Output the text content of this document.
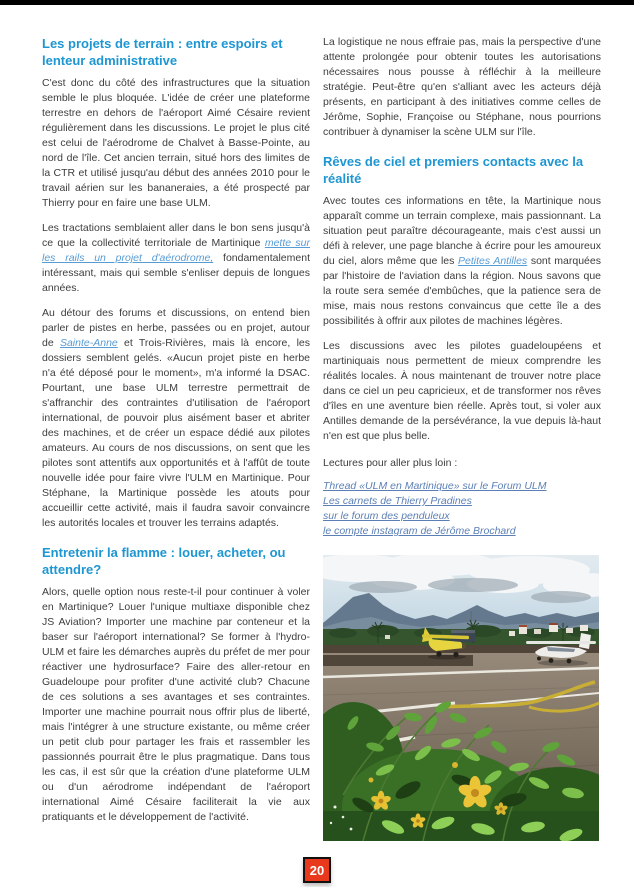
Les projets de terrain : entre espoirs et lenteur administrative

C'est donc du côté des infrastructures que la situation semble le plus bloquée. L'idée de créer une plateforme terrestre en dehors de l'aéroport Aimé Césaire revient régulièrement dans les discussions. Le projet le plus cité est celui de l'aérodrome de Chalvet à Basse-Pointe, au nord de l'île. Cet ancien terrain, situé hors des limites de la CTR et utilisé jusqu'au début des années 2010 pour le travail aérien sur les bananeraies, a été prospecté par Thierry pour en faire une base ULM.

Les tractations semblaient aller dans le bon sens jusqu'à ce que la collectivité territoriale de Martinique mette sur les rails un projet d'aérodrome, fondamentalement intéressant, mais qui semble s'enliser depuis de longues années.

Au détour des forums et discussions, on entend bien parler de pistes en herbe, passées ou en projet, autour de Sainte-Anne et Trois-Rivières, mais là encore, les dossiers semblent gelés. «Aucun projet piste en herbe n'a été déposé pour le moment», m'a informé la DSAC. Pourtant, une base ULM terrestre permettrait de s'affranchir des contraintes d'utilisation de l'aéroport international, de pouvoir plus aisément baser et abriter des machines, et de créer un espace dédié aux pilotes amateurs. Au cours de nos discussions, on sent que les pilotes sont attentifs aux opportunités et à l'affût de toute nouvelle idée pour faire vivre l'ULM en Martinique. Pour Stéphane, la Martinique possède les atouts pour accueillir cette activité, mais il faudra savoir convaincre les autorités locales et trouver les terrains adaptés.

Entretenir la flamme : louer, acheter, ou attendre?

Alors, quelle option nous reste-t-il pour continuer à voler en Martinique? Louer l'unique multiaxe disponible chez JS Aviation? Importer une machine par conteneur et la baser sur l'aéroport international? Se former à l'hydro-ULM et faire les démarches auprès du préfet de mer pour réactiver une hydrosurface? Faire des aller-retour en Guadeloupe pour profiter d'une activité club? Chacune de ces solutions a ses avantages et ses contraintes. Importer une machine pourrait nous offrir plus de liberté, mais l'intégrer à une structure existante, ou même créer un petit club pour partager les frais et rassembler les passionnés pourrait être le plus pragmatique. Dans tous les cas, il est sûr que la création d'une plateforme ULM ou d'un aérodrome indépendant de l'aéroport international Aimé Césaire faciliterait la vie aux pratiquants et le développement de l'activité.

La logistique ne nous effraie pas, mais la perspective d'une attente prolongée pour obtenir toutes les autorisations nécessaires nous pousse à réfléchir à la meilleure stratégie. Peut-être qu'en s'alliant avec les acteurs déjà présents, en participant à des initiatives comme celles de Jérôme, Sophie, Françoise ou Stéphane, nous pourrions contribuer à dynamiser la scène ULM sur l'île.

Rêves de ciel et premiers contacts avec la réalité

Avec toutes ces informations en tête, la Martinique nous apparaît comme un terrain complexe, mais passionnant. La situation peut paraître décourageante, mais c'est aussi un défi à relever, une page blanche à écrire pour les amoureux du ciel, alors même que les Petites Antilles sont marquées par l'histoire de l'aviation dans la région. Nous savons que la route sera semée d'embûches, que la patience sera de mise, mais nous restons convaincus que cette île a des possibilités à offrir aux pilotes de machines légères.

Les discussions avec les pilotes guadeloupéens et martiniquais nous permettent de mieux comprendre les réalités locales. À nous maintenant de trouver notre place dans ce ciel un peu capricieux, et de transformer nos rêves d'îles en une aventure bien réelle. Après tout, si voler aux Antilles demande de la persévérance, la vue depuis là-haut n'en est que plus belle.

Lectures pour aller plus loin :

Thread «ULM en Martinique» sur le Forum ULM
Les carnets de Thierry Pradines
sur le forum des penduleux
le compte instagram de Jérôme Brochard
20
